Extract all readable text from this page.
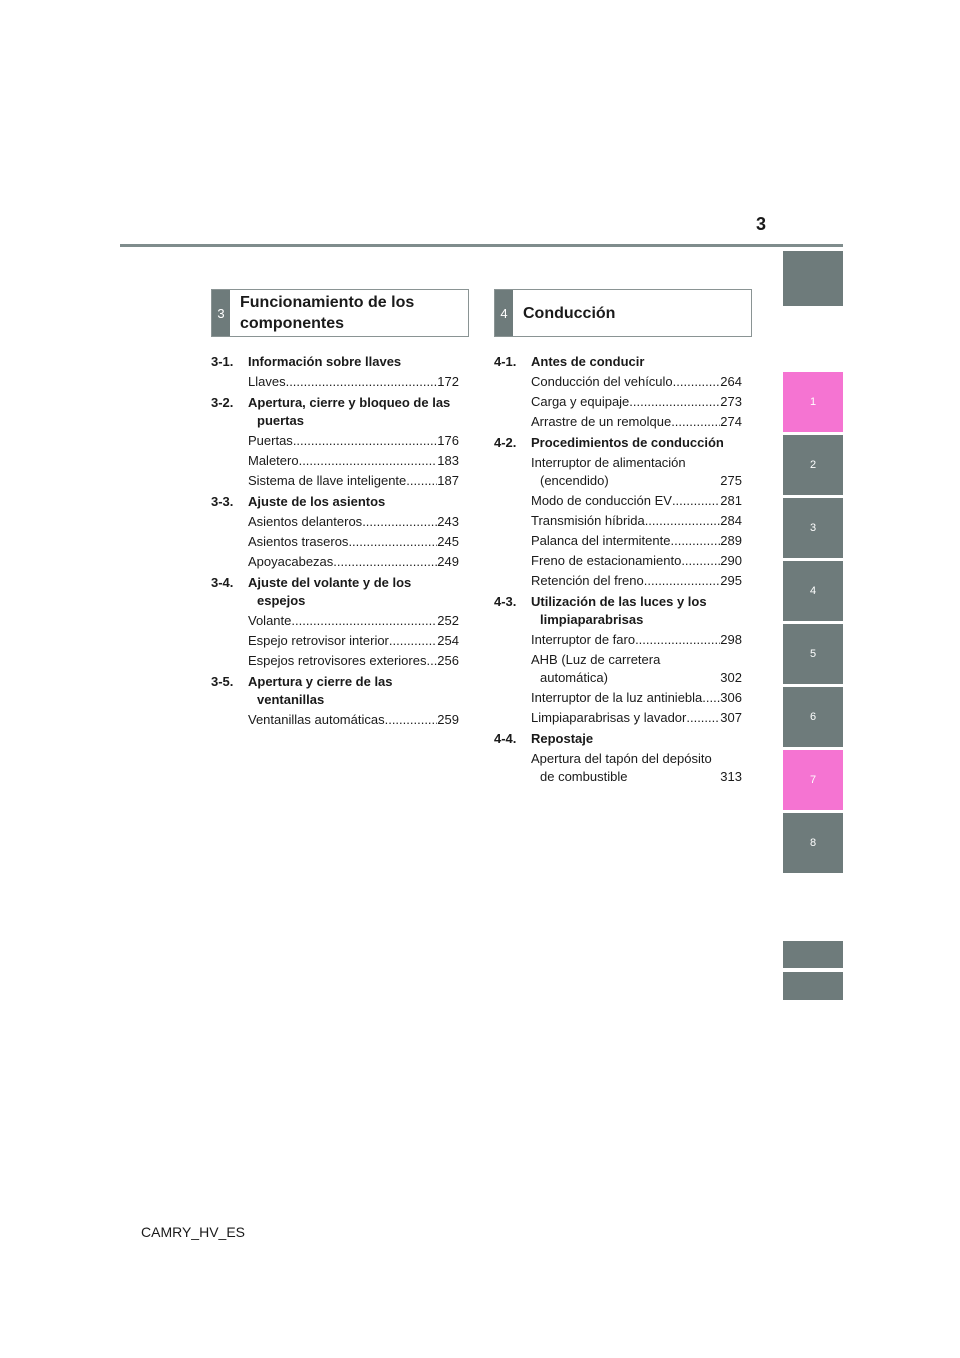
3
1
2
3
4
5
6
7
8
3
Funcionamiento de los componentes
4 Conducción
3-1.	Información sobre llaves
Llaves .....	172
3-2.	Apertura, cierre y bloqueo de las puertas
Puertas .....	176
Maletero .....	183
Sistema de llave inteligente ..... 187
3-3.	Ajuste de los asientos
Asientos delanteros .....	243
Asientos traseros .....	245
Apoyacabezas .....	249
3-4.	Ajuste del volante y de los espejos
Volante .....	252
Espejo retrovisor interior .....	254
Espejos retrovisores exteriores ..... 256
3-5.	Apertura y cierre de las ventanillas
Ventanillas automáticas .....	259
4-1.	Antes de conducir
Conducción del vehículo .....	264
Carga y equipaje .....	273
Arrastre de un remolque .....	274
4-2.	Procedimientos de conducción
Interruptor de alimentación (encendido)	275
Modo de conducción EV .....	281
Transmisión híbrida .....	284
Palanca del intermitente .....	289
Freno de estacionamiento .....	290
Retención del freno .....	295
4-3.	Utilización de las luces y los limpiaparabrisas
Interruptor de faro .....	298
AHB (Luz de carretera automática)	302
Interruptor de la luz antiniebla ..... 306
Limpiaparabrisas y lavador .....	307
4-4.	Repostaje
Apertura del tapón del depósito de combustible	313
CAMRY_HV_ES
